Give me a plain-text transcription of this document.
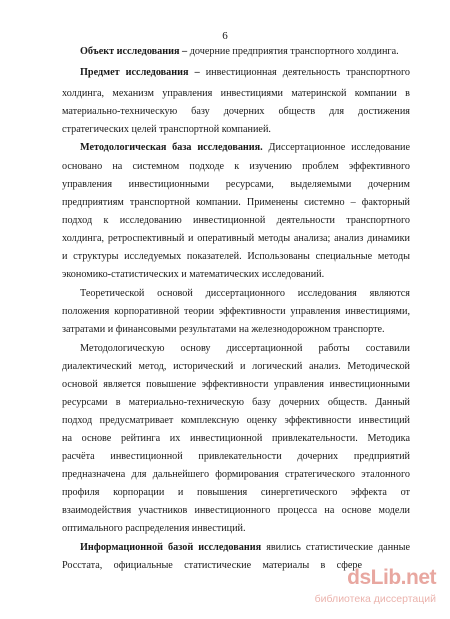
6
Объект исследования – дочерние предприятия транспортного холдинга.
Предмет исследования – инвестиционная деятельность транспортного
холдинга, механизм управления инвестициями материнской компании в
материально-техническую базу дочерних обществ для достижения
стратегических целей транспортной компанией.
Методологическая база исследования. Диссертационное исследование
основано на системном подходе к изучению проблем эффективного
управления инвестиционными ресурсами, выделяемыми дочерним
предприятиям транспортной компании. Применены системно – факторный
подход к исследованию инвестиционной деятельности транспортного
холдинга, ретроспективный и оперативный методы анализа; анализ динамики
и структуры исследуемых показателей. Использованы специальные методы
экономико-статистических и математических исследований.
Теоретической основой диссертационного исследования являются
положения корпоративной теории эффективности управления инвестициями,
затратами и финансовыми результатами на железнодорожном транспорте.
Методологическую основу диссертационной работы составили
диалектический метод, исторический и логический анализ. Методической
основой является повышение эффективности управления инвестиционными
ресурсами в материально-техническую базу дочерних обществ. Данный
подход предусматривает комплексную оценку эффективности инвестиций
на основе рейтинга их инвестиционной привлекательности. Методика
расчёта инвестиционной привлекательности дочерних предприятий
предназначена для дальнейшего формирования стратегического эталонного
профиля корпорации и повышения синергетического эффекта от
взаимодействия участников инвестиционного процесса на основе модели
оптимального распределения инвестиций.
Информационной базой исследования явились статистические данные
Росстата, официальные статистические материалы в сфере
dsLib.net
библиотека диссертаций
